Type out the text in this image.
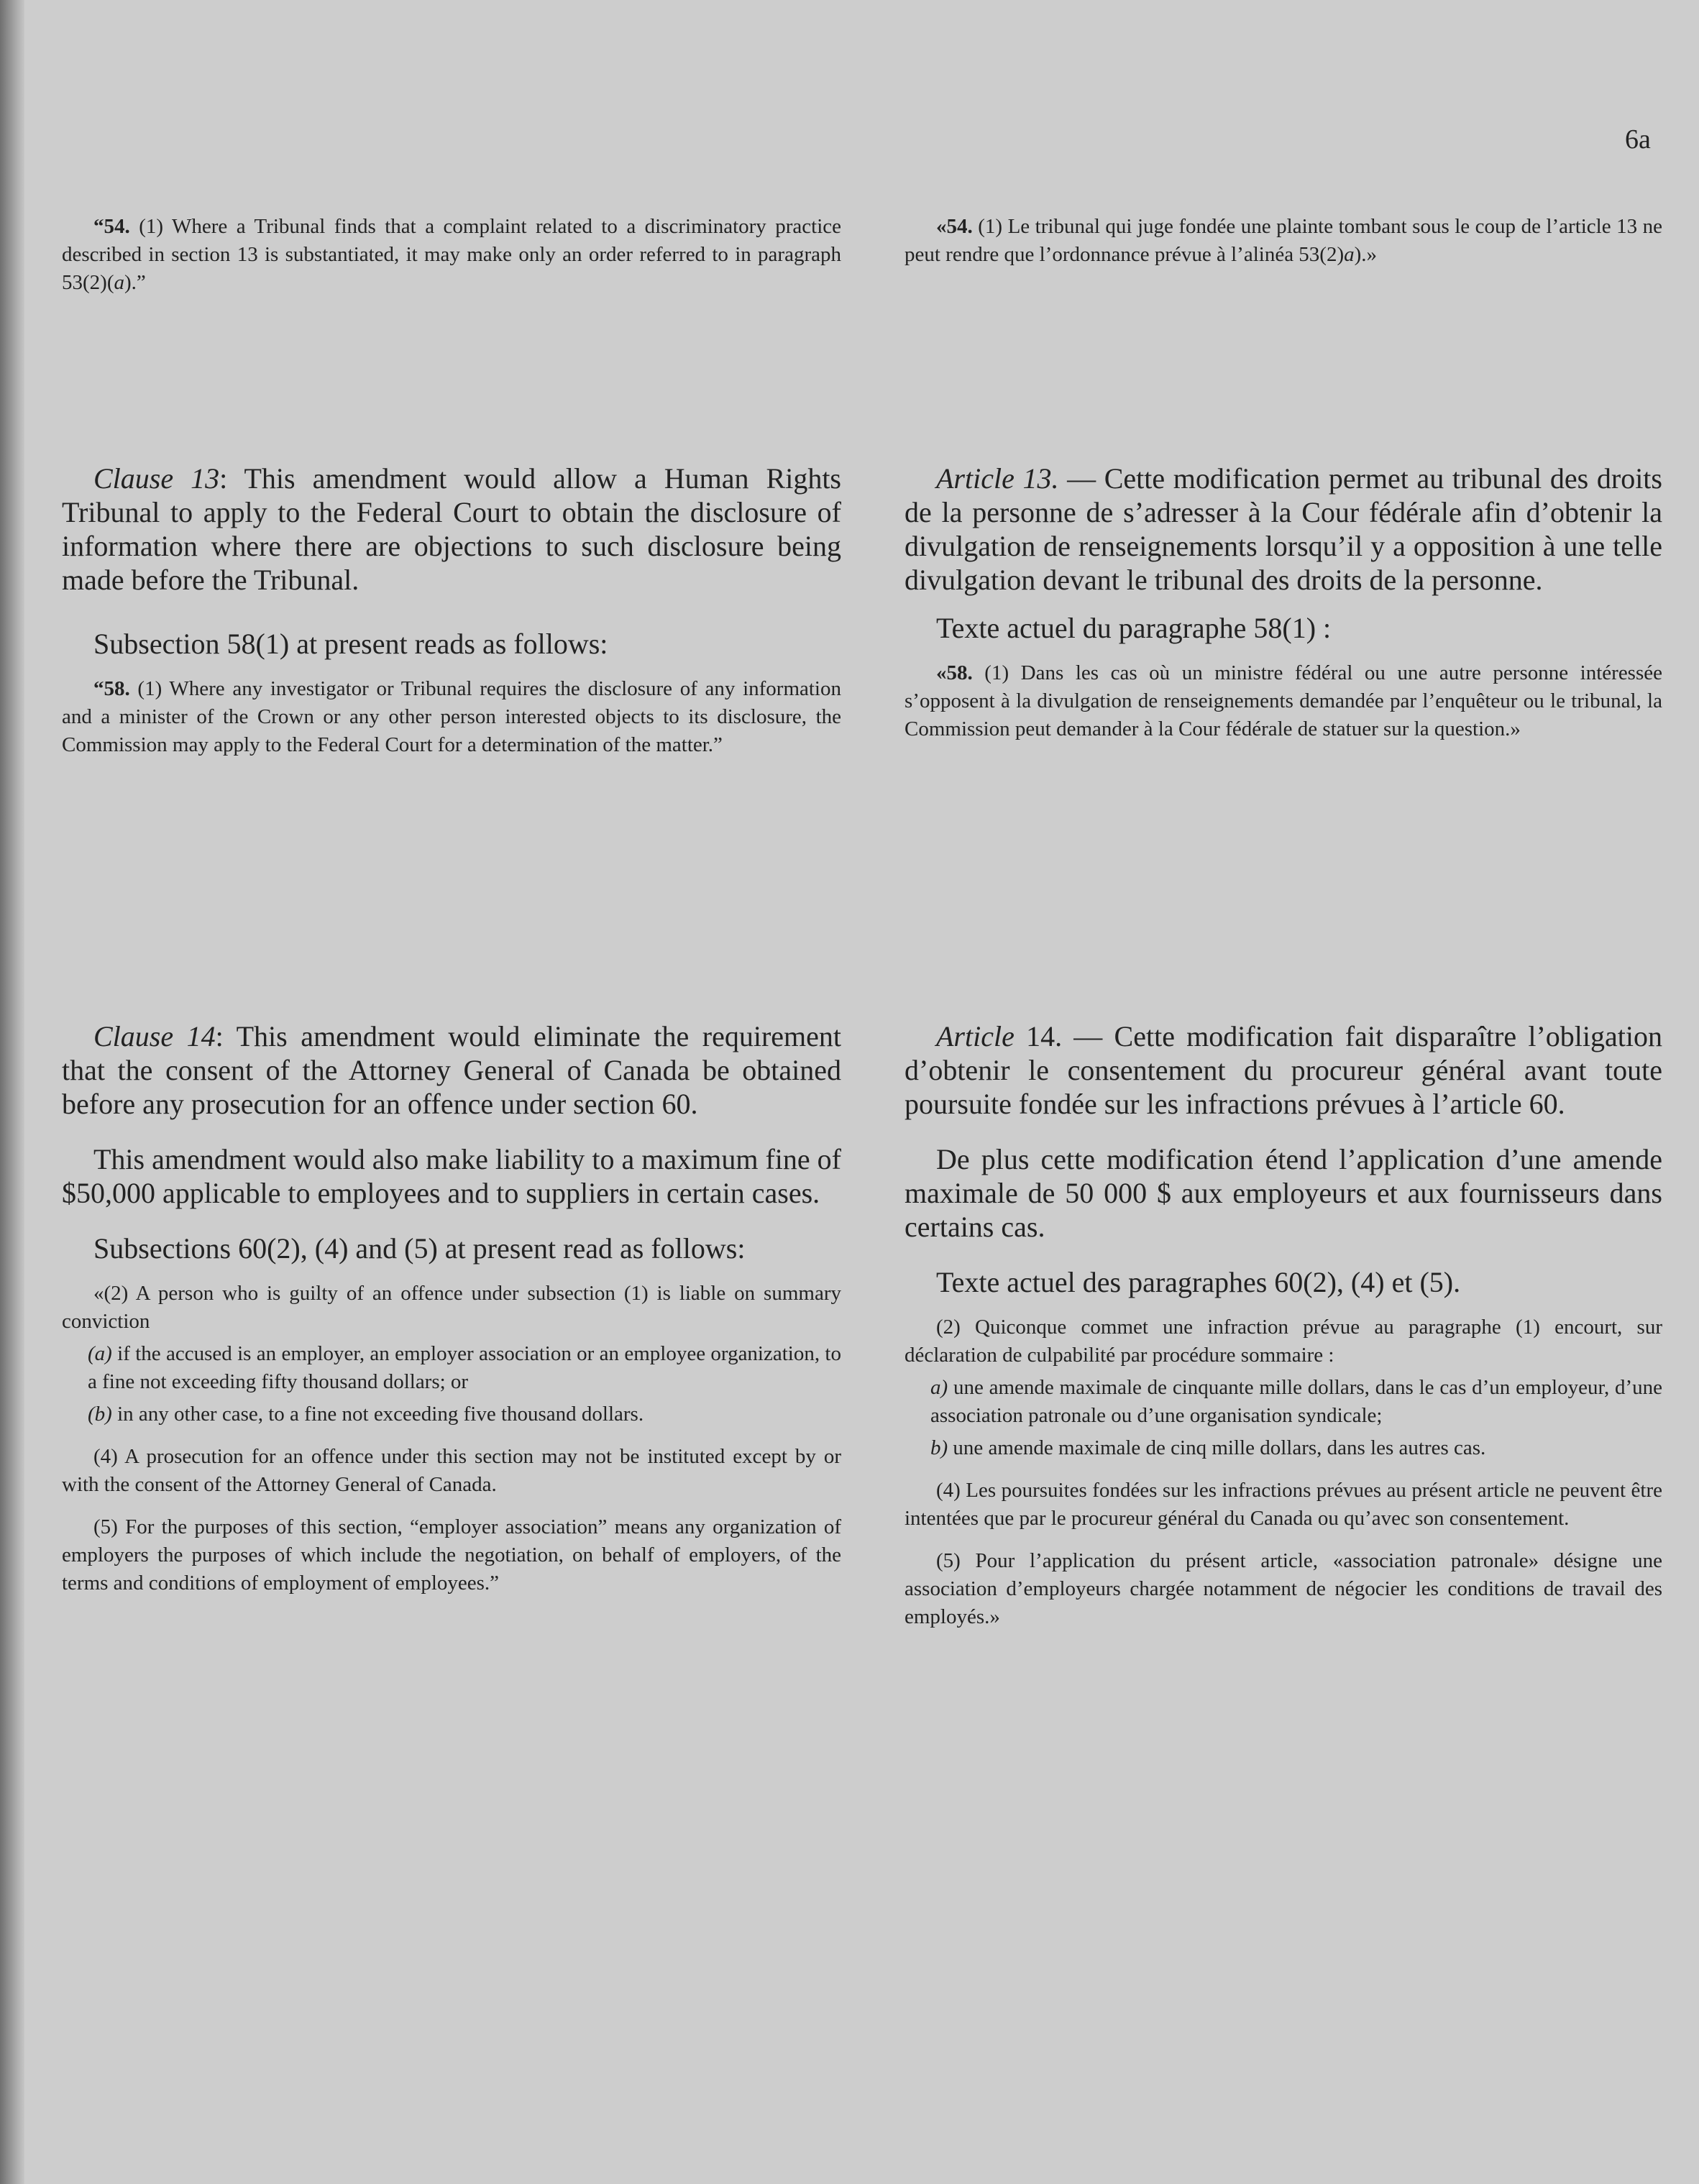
6a

“54. (1) Where a Tribunal finds that a complaint related to a discriminatory practice described in section 13 is substantiated, it may make only an order referred to in paragraph 53(2)(a).”

«54. (1) Le tribunal qui juge fondée une plainte tombant sous le coup de l’article 13 ne peut rendre que l’ordonnance prévue à l’alinéa 53(2)a).»

Clause 13: This amendment would allow a Human Rights Tribunal to apply to the Federal Court to obtain the disclosure of information where there are objections to such disclosure being made before the Tribunal.

Subsection 58(1) at present reads as follows:

“58. (1) Where any investigator or Tribunal requires the disclosure of any information and a minister of the Crown or any other person interested objects to its disclosure, the Commission may apply to the Federal Court for a determination of the matter.”

Article 13. — Cette modification permet au tribunal des droits de la personne de s’adresser à la Cour fédérale afin d’obtenir la divulgation de renseignements lorsqu’il y a opposition à une telle divulgation devant le tribunal des droits de la personne.

Texte actuel du paragraphe 58(1) :

«58. (1) Dans les cas où un ministre fédéral ou une autre personne intéressée s’opposent à la divulgation de renseignements demandée par l’enquêteur ou le tribunal, la Commission peut demander à la Cour fédérale de statuer sur la question.»

Clause 14: This amendment would eliminate the requirement that the consent of the Attorney General of Canada be obtained before any prosecution for an offence under section 60.

This amendment would also make liability to a maximum fine of $50,000 applicable to employees and to suppliers in certain cases.

Subsections 60(2), (4) and (5) at present read as follows:

«(2) A person who is guilty of an offence under subsection (1) is liable on summary conviction

(a) if the accused is an employer, an employer association or an employee organization, to a fine not exceeding fifty thousand dollars; or

(b) in any other case, to a fine not exceeding five thousand dollars.

(4) A prosecution for an offence under this section may not be instituted except by or with the consent of the Attorney General of Canada.

(5) For the purposes of this section, “employer association” means any organization of employers the purposes of which include the negotiation, on behalf of employers, of the terms and conditions of employment of employees.”

Article 14. — Cette modification fait disparaître l’obligation d’obtenir le consentement du procureur général avant toute poursuite fondée sur les infractions prévues à l’article 60.

De plus cette modification étend l’application d’une amende maximale de 50 000 $ aux employeurs et aux fournisseurs dans certains cas.

Texte actuel des paragraphes 60(2), (4) et (5).

(2) Quiconque commet une infraction prévue au paragraphe (1) encourt, sur déclaration de culpabilité par procédure sommaire :

a) une amende maximale de cinquante mille dollars, dans le cas d’un employeur, d’une association patronale ou d’une organisation syndicale;

b) une amende maximale de cinq mille dollars, dans les autres cas.

(4) Les poursuites fondées sur les infractions prévues au présent article ne peuvent être intentées que par le procureur général du Canada ou qu’avec son consentement.

(5) Pour l’application du présent article, «association patronale» désigne une association d’employeurs chargée notamment de négocier les conditions de travail des employés.»
